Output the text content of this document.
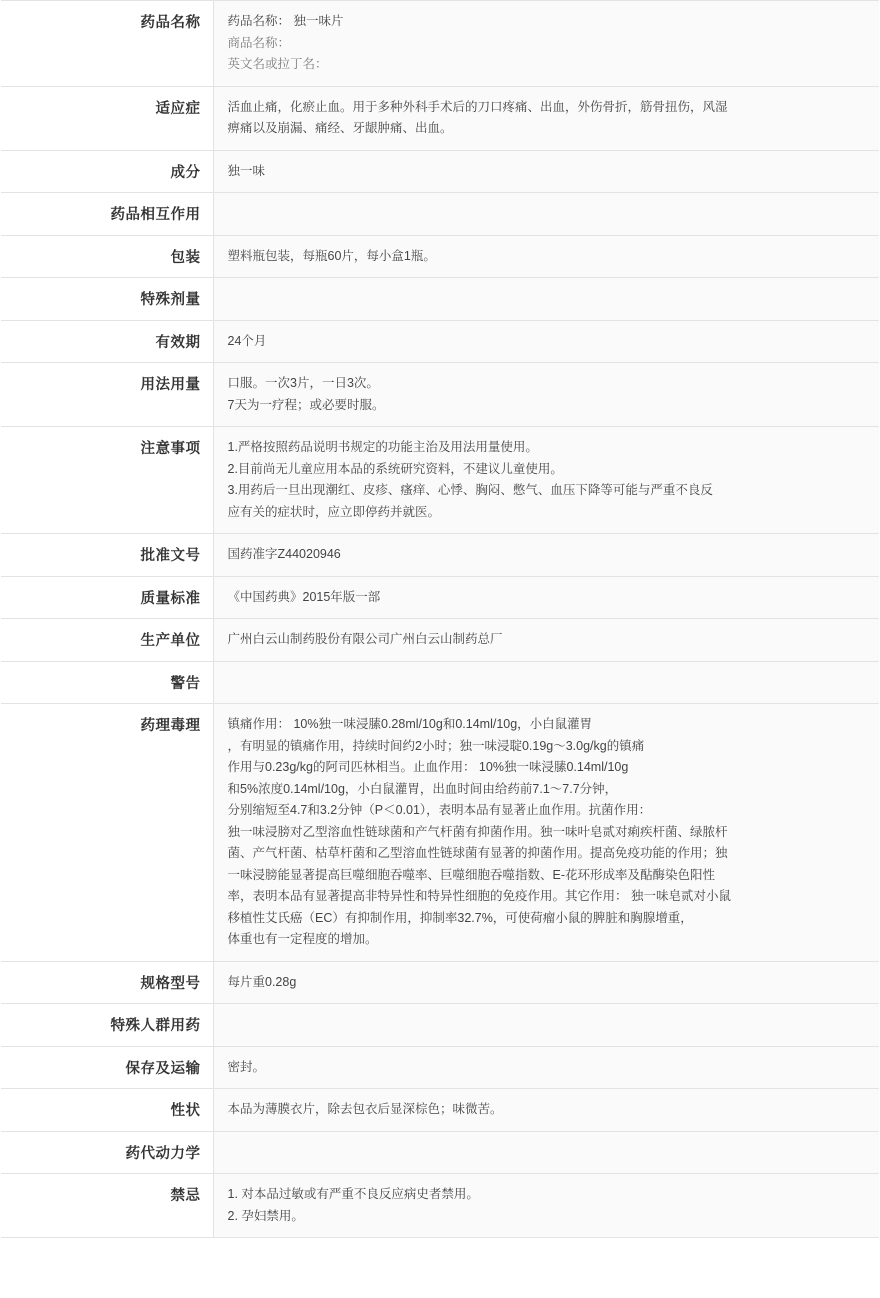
药品名称	药品名称： 独一味片
商品名称：
英文名或拉丁名：

适应症	活血止痛，化瘀止血。用于多种外科手术后的刀口疼痛、出血，外伤骨折，筋骨扭伤，风湿
痹痛以及崩漏、痛经、牙龈肿痛、出血。

成分	独一味

药品相互作用	

包装	塑料瓶包装，每瓶60片，每小盒1瓶。

特殊剂量	

有效期	24个月

用法用量	口服。一次3片，一日3次。
7天为一疗程；或必要时服。

注意事项	1.严格按照药品说明书规定的功能主治及用法用量使用。
2.目前尚无儿童应用本品的系统研究资料，不建议儿童使用。
3.用药后一旦出现潮红、皮疹、瘙痒、心悸、胸闷、憋气、血压下降等可能与严重不良反
应有关的症状时，应立即停药并就医。

批准文号	国药准字Z44020946

质量标准	《中国药典》2015年版一部

生产单位	广州白云山制药股份有限公司广州白云山制药总厂

警告	

药理毒理	镇痛作用： 10%独一味浸膆0.28ml/10g和0.14ml/10g，小白鼠灌胃
，有明显的镇痛作用，持续时间约2小时；独一味浸聢0.19g～3.0g/kg的镇痛
作用与0.23g/kg的阿司匹林相当。止血作用： 10%独一味浸膆0.14ml/10g
和5%浓度0.14ml/10g，小白鼠灌胃，出血时间由给药前7.1～7.7分钟，
分别缩短至4.7和3.2分钟（P＜0.01），表明本品有显著止血作用。抗菌作用：
独一味浸膀对乙型溶血性链球菌和产气杆菌有抑菌作用。独一味叶皂贰对痢疾杆菌、绿脓杆
菌、产气杆菌、枯草杆菌和乙型溶血性链球菌有显著的抑菌作用。提高免疫功能的作用；独
一味浸膀能显著提高巨噬细胞吞噬率、巨噬细胞吞噬指数、E-花环形成率及酟酶染色阳性
率，表明本品有显著提高非特异性和特异性细胞的免疫作用。其它作用： 独一味皂贰对小鼠
移植性艾氏癌（EC）有抑制作用，抑制率32.7%，可使荷瘤小鼠的脾脏和胸腺增重，
体重也有一定程度的增加。

规格型号	每片重0.28g

特殊人群用药	

保存及运输	密封。

性状	本品为薄膜衣片，除去包衣后显深棕色；味微苦。

药代动力学	

禁忌	1. 对本品过敏或有严重不良反应病史者禁用。
2. 孕妇禁用。
